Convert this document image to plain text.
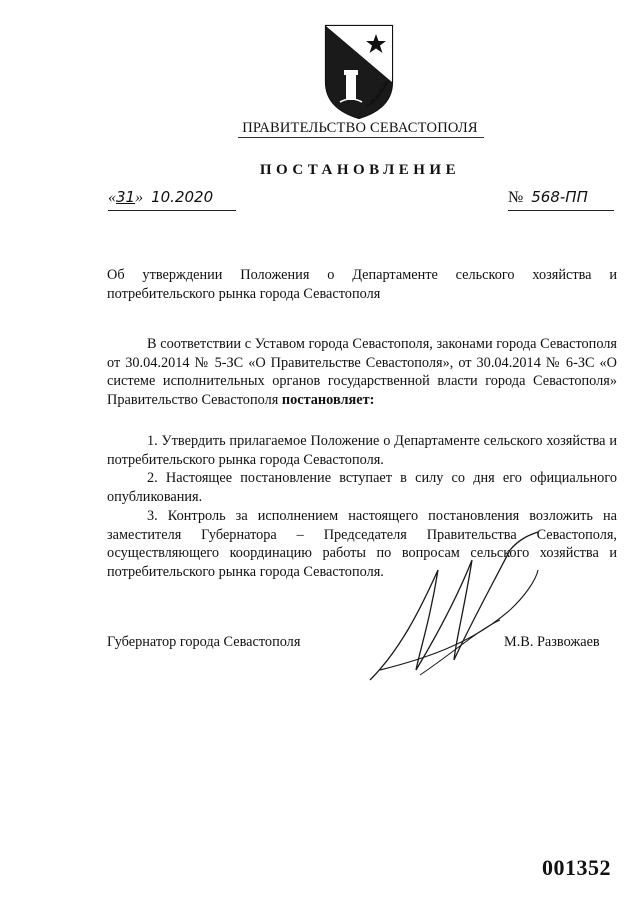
ПРАВИТЕЛЬСТВО СЕВАСТОПОЛЯ
ПОСТАНОВЛЕНИЕ
«31» 10.2020	№ 568-ПП
Об утверждении Положения о Департаменте сельского хозяйства и потребительского рынка города Севастополя
В соответствии с Уставом города Севастополя, законами города Севастополя от 30.04.2014 № 5-ЗС «О Правительстве Севастополя», от 30.04.2014 № 6-ЗС «О системе исполнительных органов государственной власти города Севастополя» Правительство Севастополя постановляет:

1. Утвердить прилагаемое Положение о Департаменте сельского хозяйства и потребительского рынка города Севастополя.

2. Настоящее постановление вступает в силу со дня его официального опубликования.

3. Контроль за исполнением настоящего постановления возложить на заместителя Губернатора – Председателя Правительства Севастополя, осуществляющего координацию работы по вопросам сельского хозяйства и потребительского рынка города Севастополя.

Губернатор города Севастополя	М.В. Развожаев
001352
